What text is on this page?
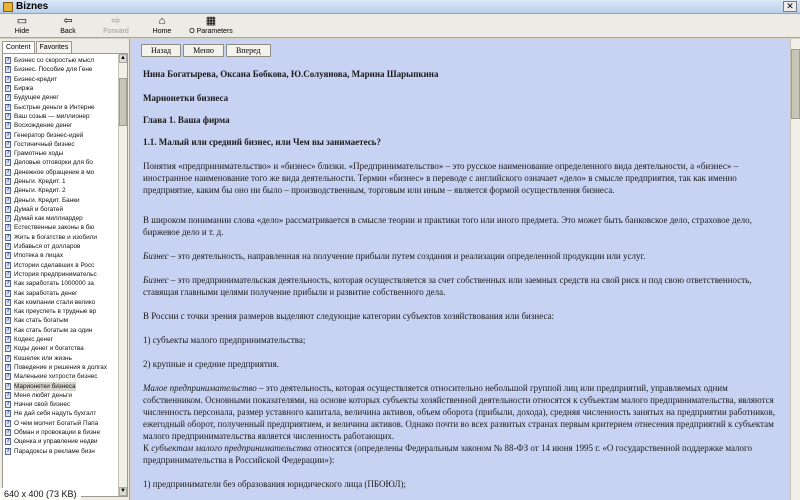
Biznes	✕
▭
Hide
⇦
Back
⇨
Forward
⌂
Home
▦
O Parameters
Content	Favorites
? Бизнес со скоростью мысл
? Бизнес. Пособие для Гене
? Бизнес-кредит
? Биржа
? Будущее денег
? Быстрые деньги в Интерне
? Ваш созыв — миллионер
? Восхождение денег
? Генератор бизнес-идей
? Гостиничный бизнес
? Грамотные ходы
? Деловые отговорки для бо
? Денежное обращение в мо
? Деньги. Кредит. 1
? Деньги. Кредит. 2
? Деньги. Кредит. Банки
? Думай и богатей
? Думай как миллиардер
? Естественные законы в бю
? Жить в богатстве и изобили
? Избавься от долларов
? Ипотека в лицах
? Истории сделавших в Росс
? История предпринимательс
? Как заработать 1000000 за
? Как заработать денег
? Как компании стали велико
? Как преуспеть в трудные вр
? Как стать богатым
? Как стать богатым за один
? Кодекс денег
? Коды денег и богатства
? Кошелек или жизнь
? Поведение и решения в долгах
? Маленькие хитрости бизнес
? Марионетки бизнеса
? Меня любят деньги
? Начни свой бизнес
? Не дай себя надуть бухгалт
? О чем молчит Богатый Папа
? Обман и провокации в бизне
? Оценка и управление недви
? Парадоксы в рекламе бизн
▲
▼
Назад	Меню	Вперед
Нина Богатырева, Оксана Бобкова, Ю.Солуянова, Марина Шарыпкина
Марионетки бизнеса
Глава 1. Ваша фирма
1.1. Малый или средний бизнес, или Чем вы занимаетесь?
Понятия «предпринимательство» и «бизнес» близки. «Предпринимательство» – это русское наименование определенного вида деятельности, а «бизнес» – иностранное наименование того же вида деятельности. Термин «бизнес» в переводе с английского означает «дело» в смысле предприятия, так как именно предприятие, каким бы оно ни было – производственным, торговым или иным – является формой осуществления бизнеса.
В широком понимании слова «дело» рассматривается в смысле теории и практики того или иного предмета. Это может быть банковское дело, страховое дело, биржевое дело и т. д.
Бизнес – это деятельность, направленная на получение прибыли путем создания и реализации определенной продукции или услуг.
Бизнес – это предпринимательская деятельность, которая осуществляется за счет собственных или заемных средств на свой риск и под свою ответственность, ставящая главными целями получение прибыли и развитие собственного дела.
В России с точки зрения размеров выделяют следующие категории субъектов хозяйствования или бизнеса:
1) субъекты малого предпринимательства;
2) крупные и средние предприятия.
Малое предпринимательство – это деятельность, которая осуществляется относительно небольшой группой лиц или предприятий, управляемых одним собственником. Основными показателями, на основе которых субъекты хозяйственной деятельности относятся к субъектам малого предпринимательства, являются численность персонала, размер уставного капитала, величина активов, объем оборота (прибыли, дохода), средняя численность занятых на предприятии работников, ежегодный оборот, полученный предприятием, и величина активов. Однако почти во всех развитых странах первым критерием отнесения предприятий к субъектам малого предпринимательства является численность работающих.
К субъектам малого предпринимательства относятся (определены Федеральным законом № 88-ФЗ от 14 июня 1995 г. «О государственной поддержке малого предпринимательства в Российской Федерации»):
1) предприниматели без образования юридического лица (ПБОЮЛ);
640 x 400 (73 KB)
